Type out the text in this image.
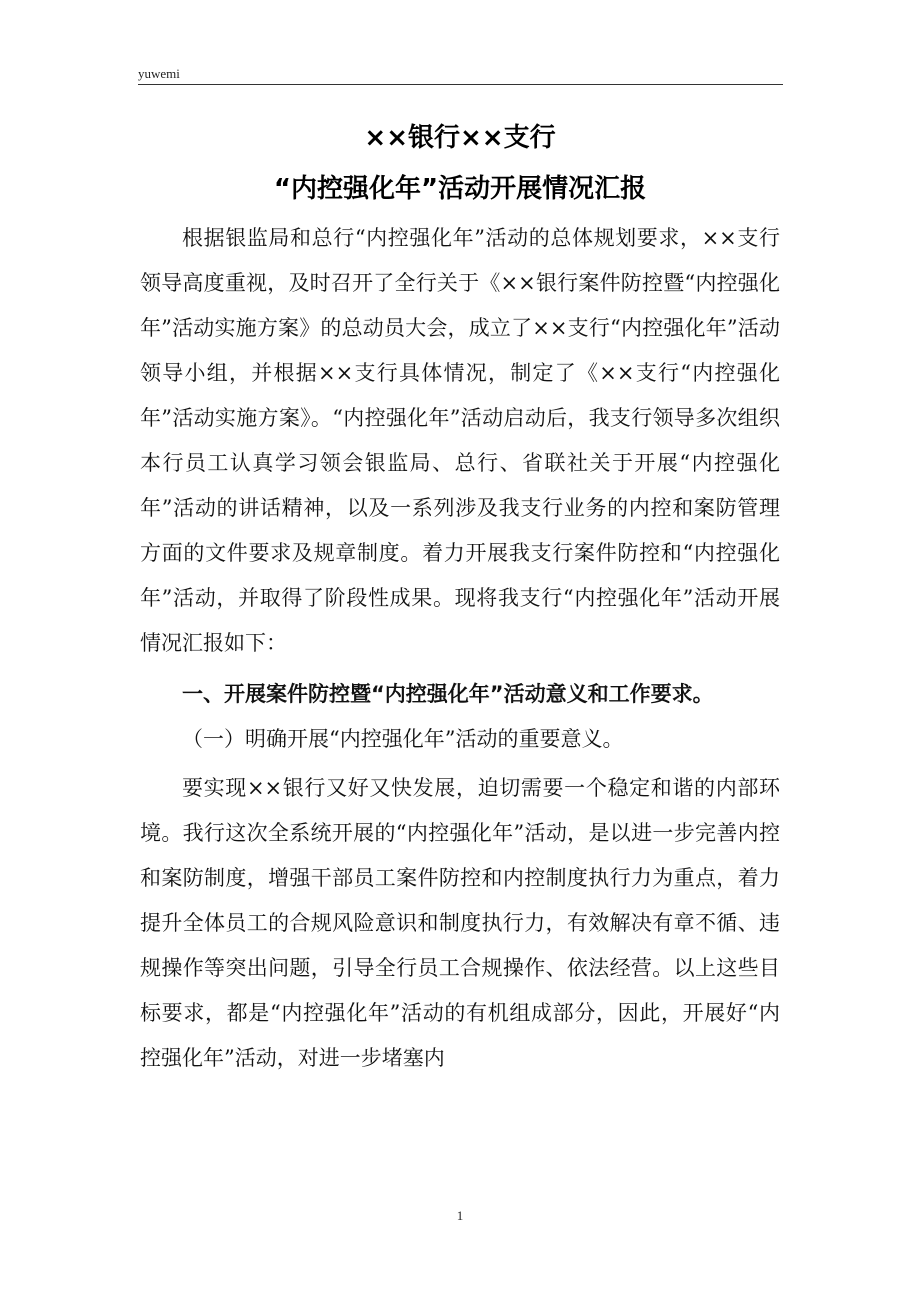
yuwemi
××银行××支行
“内控强化年”活动开展情况汇报

根据银监局和总行“内控强化年”活动的总体规划要求，××支行领导高度重视，及时召开了全行关于《××银行案件防控暨“内控强化年”活动实施方案》的总动员大会，成立了××支行“内控强化年”活动领导小组，并根据××支行具体情况，制定了《××支行“内控强化年”活动实施方案》。“内控强化年”活动启动后，我支行领导多次组织本行员工认真学习领会银监局、总行、省联社关于开展“内控强化年”活动的讲话精神，以及一系列涉及我支行业务的内控和案防管理方面的文件要求及规章制度。着力开展我支行案件防控和“内控强化年”活动，并取得了阶段性成果。现将我支行“内控强化年”活动开展情况汇报如下：

一、开展案件防控暨“内控强化年”活动意义和工作要求。

（一）明确开展“内控强化年”活动的重要意义。

要实现××银行又好又快发展，迫切需要一个稳定和谐的内部环境。我行这次全系统开展的“内控强化年”活动，是以进一步完善内控和案防制度，增强干部员工案件防控和内控制度执行力为重点，着力提升全体员工的合规风险意识和制度执行力，有效解决有章不循、违规操作等突出问题，引导全行员工合规操作、依法经营。以上这些目标要求，都是“内控强化年”活动的有机组成部分，因此，开展好“内控强化年”活动，对进一步堵塞内

1
